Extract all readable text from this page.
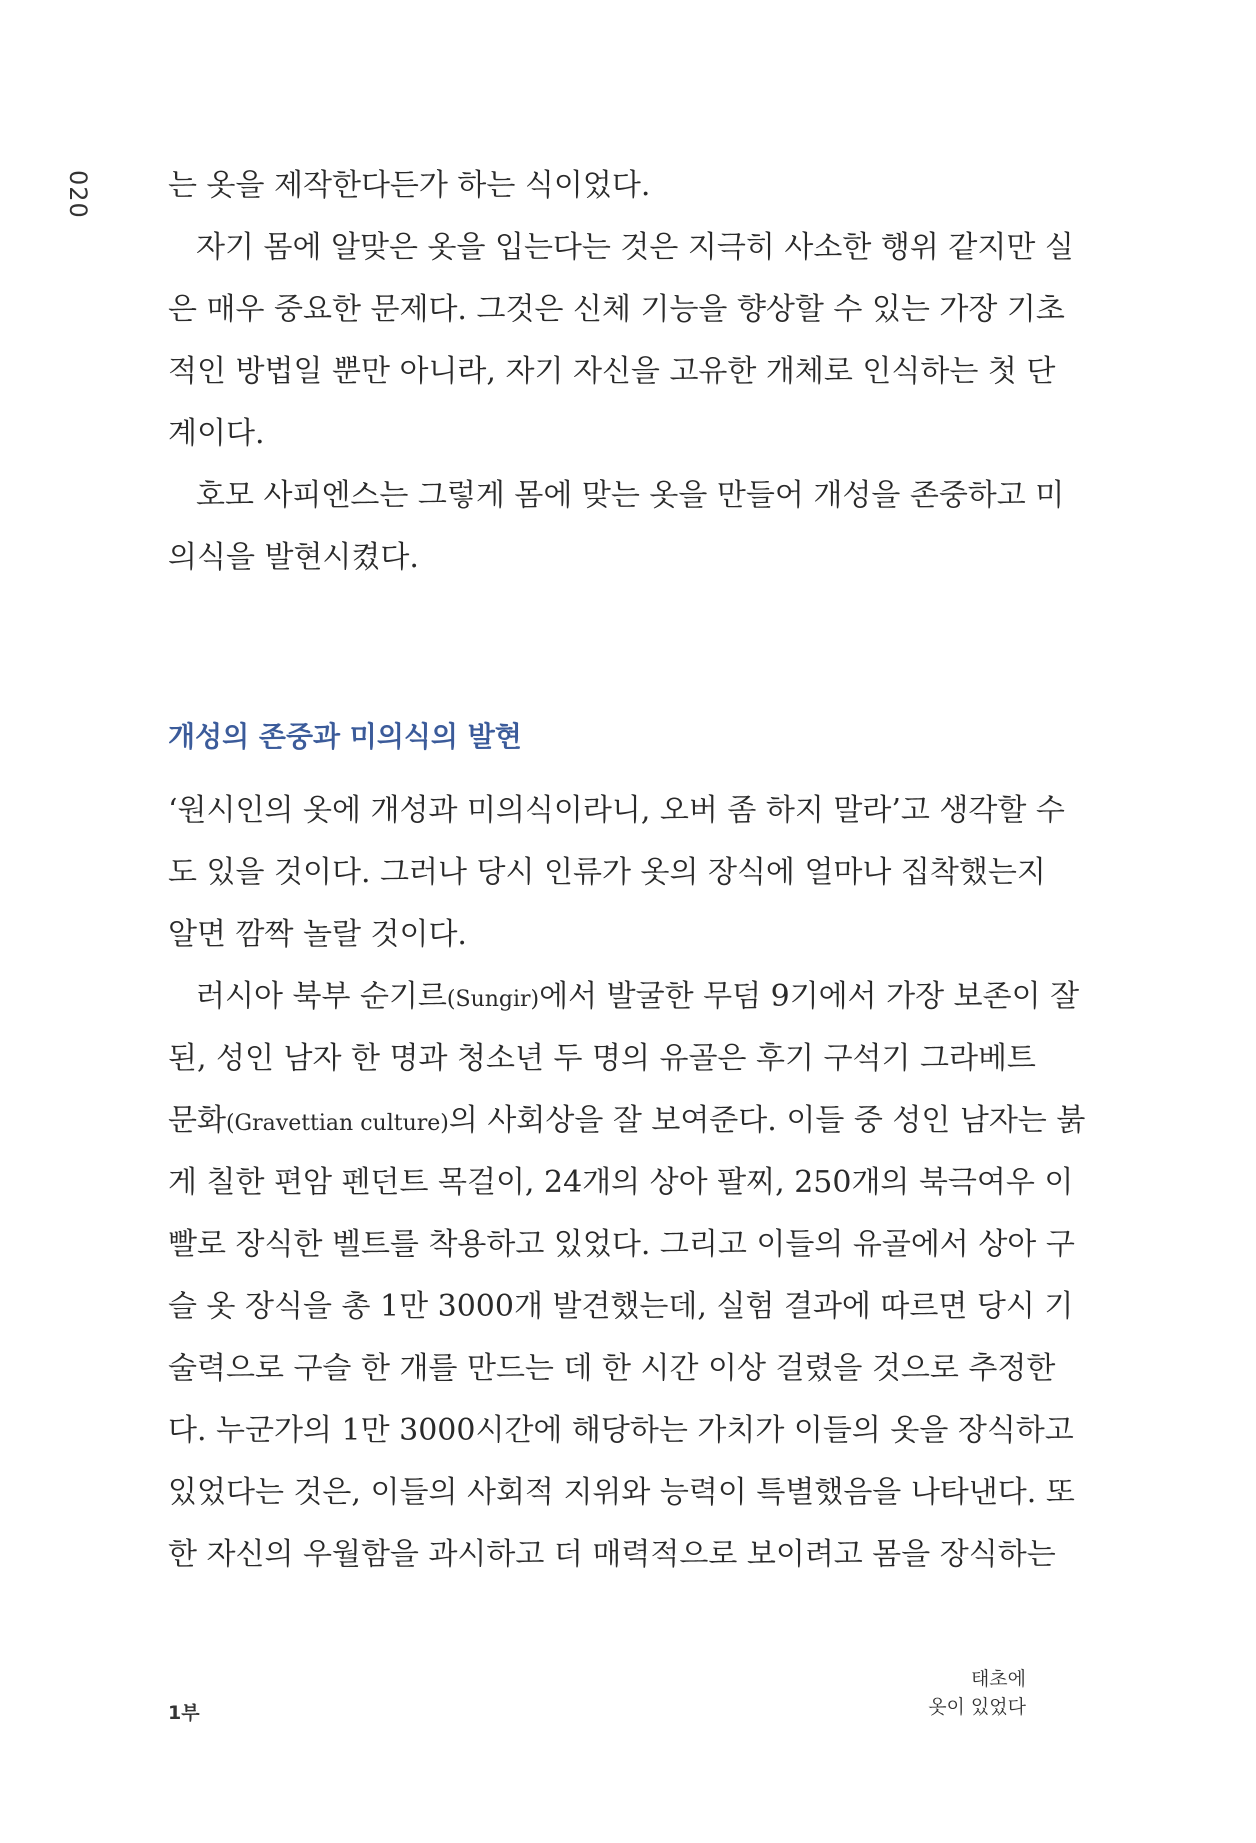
020	는 옷을 제작한다든가 하는 식이었다.
자기 몸에 알맞은 옷을 입는다는 것은 지극히 사소한 행위 같지만 실
은 매우 중요한 문제다. 그것은 신체 기능을 향상할 수 있는 가장 기초
적인 방법일 뿐만 아니라, 자기 자신을 고유한 개체로 인식하는 첫 단
계이다.
호모 사피엔스는 그렇게 몸에 맞는 옷을 만들어 개성을 존중하고 미
의식을 발현시켰다.
개성의 존중과 미의식의 발현
‘원시인의 옷에 개성과 미의식이라니, 오버 좀 하지 말라’고 생각할 수
도 있을 것이다. 그러나 당시 인류가 옷의 장식에 얼마나 집착했는지
알면 깜짝 놀랄 것이다.
러시아 북부 순기르(Sungir)에서 발굴한 무덤 9기에서 가장 보존이 잘
된, 성인 남자 한 명과 청소년 두 명의 유골은 후기 구석기 그라베트
문화(Gravettian culture)의 사회상을 잘 보여준다. 이들 중 성인 남자는 붉
게 칠한 편암 펜던트 목걸이, 24개의 상아 팔찌, 250개의 북극여우 이
빨로 장식한 벨트를 착용하고 있었다. 그리고 이들의 유골에서 상아 구
슬 옷 장식을 총 1만 3000개 발견했는데, 실험 결과에 따르면 당시 기
술력으로 구슬 한 개를 만드는 데 한 시간 이상 걸렸을 것으로 추정한
다. 누군가의 1만 3000시간에 해당하는 가치가 이들의 옷을 장식하고
있었다는 것은, 이들의 사회적 지위와 능력이 특별했음을 나타낸다. 또
한 자신의 우월함을 과시하고 더 매력적으로 보이려고 몸을 장식하는
1부
태초에
옷이 있었다
